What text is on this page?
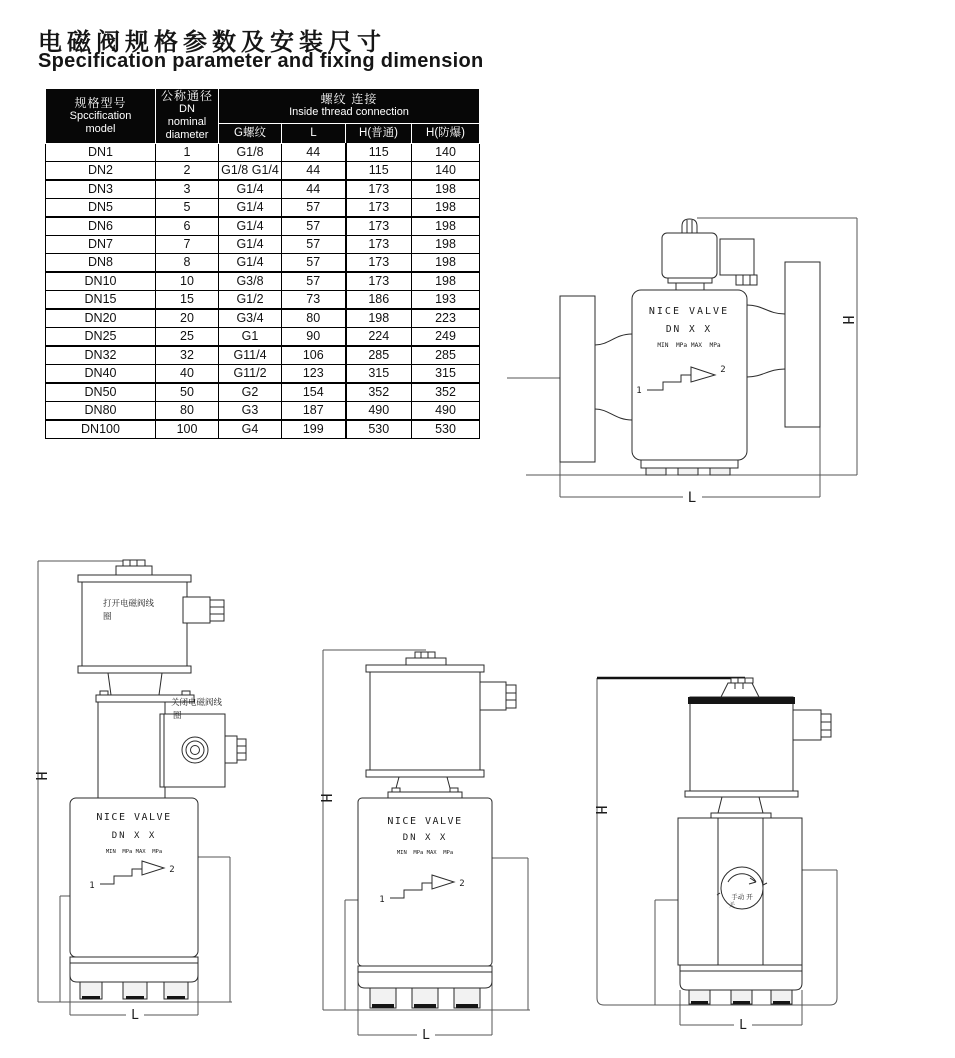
电磁阀规格参数及安装尺寸
Specification parameter and fixing dimension
规格型号
Spccification
model	公称通径
DN
nominal
diameter	螺纹 连接
Inside thread connection			

		G螺纹	L	H(普通)	H(防爆)
DN1	1	G1/8	44	115	140
DN2	2	G1/8 G1/4	44	115	140
DN3	3	G1/4	44	173	198
DN5	5	G1/4	57	173	198
DN6	6	G1/4	57	173	198
DN7	7	G1/4	57	173	198
DN8	8	G1/4	57	173	198
DN10	10	G3/8	57	173	198
DN15	15	G1/2	73	186	193
DN20	20	G3/4	80	198	223
DN25	25	G1	90	224	249
DN32	32	G11/4	106	285	285
DN40	40	G11/2	123	315	315
DN50	50	G2	154	352	352
DN80	80	G3	187	490	490
DN100	100	G4	199	530	530
NICE VALVE
DN X X
MIN  MPa MAX  MPa
1
2
H
L
打开电磁阀线
圈
关闭电磁阀线
圈
NICE VALVE
DN X X
MIN  MPa MAX  MPa
1
2
H
L
NICE VALVE
DN X X
MIN  MPa MAX  MPa
1
2
H
L
手动 开
关
H
L
